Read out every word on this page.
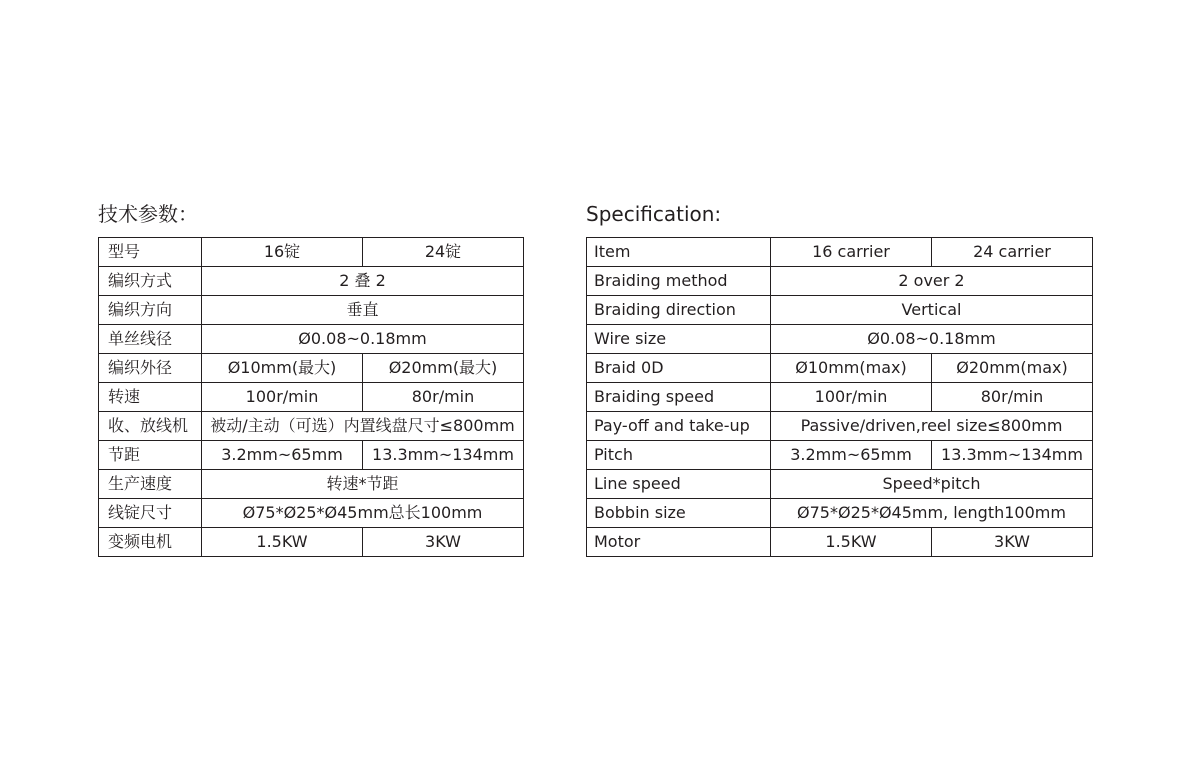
技术参数：
型号	16锭	24锭
编织方式	2 叠 2	
编织方向	垂直	
单丝线径	Ø0.08~0.18mm	
编织外径	Ø10mm(最大)	Ø20mm(最大)
转速	100r/min	80r/min
收、放线机	被动/主动（可选）内置线盘尺寸≤800mm	
节距	3.2mm~65mm	13.3mm~134mm
生产速度	转速*节距	
线锭尺寸	Ø75*Ø25*Ø45mm总长100mm	
变频电机	1.5KW	3KW
Specification:
Item	16 carrier	24 carrier
Braiding method	2 over 2	
Braiding direction	Vertical	
Wire size	Ø0.08~0.18mm	
Braid 0D	Ø10mm(max)	Ø20mm(max)
Braiding speed	100r/min	80r/min
Pay-off and take-up	Passive/driven,reel size≤800mm	
Pitch	3.2mm~65mm	13.3mm~134mm
Line speed	Speed*pitch	
Bobbin size	Ø75*Ø25*Ø45mm, length100mm	
Motor	1.5KW	3KW
